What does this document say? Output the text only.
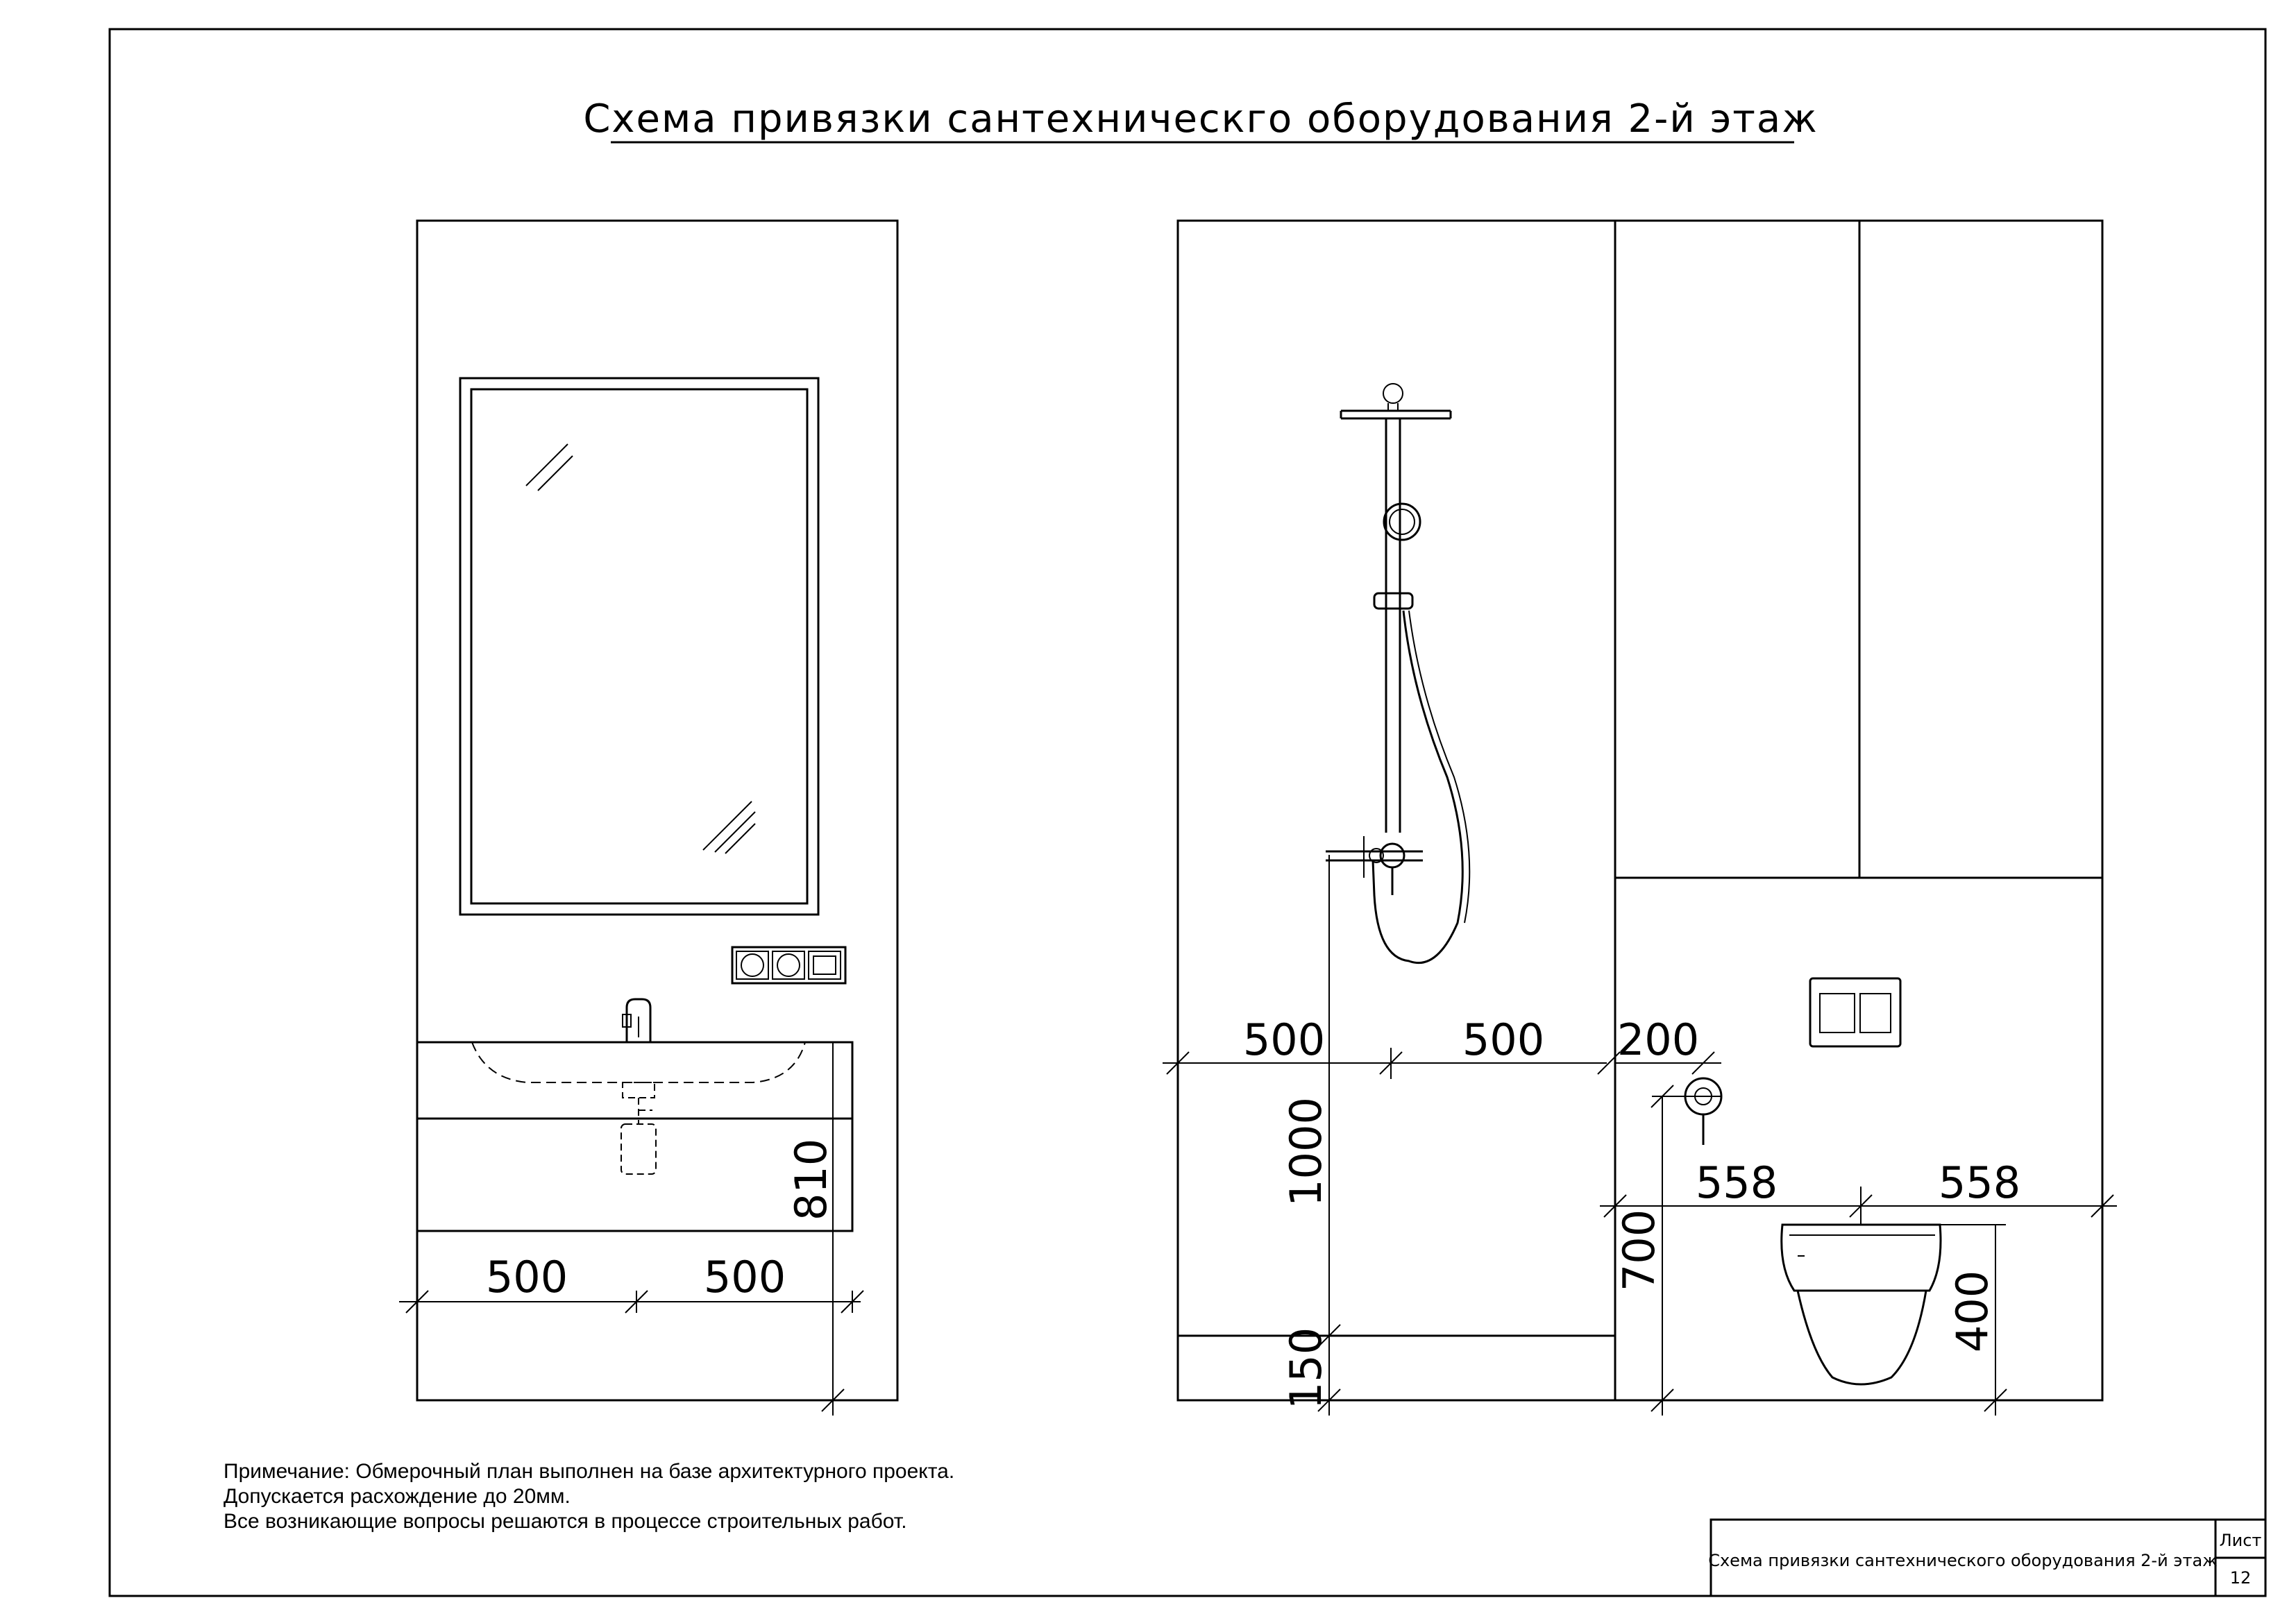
Схема привязки сантехническго оборудования 2-й этаж
500	500
810
500	500 200
1000
150
700
558	558
400
Схема привязки сантехнического оборудования 2-й этаж
Лист
12

Примечание: Обмерочный план выполнен на базе архитектурного проекта.

Допускается расхождение до 20мм.

Все возникающие вопросы решаются в процессе строительных работ.
